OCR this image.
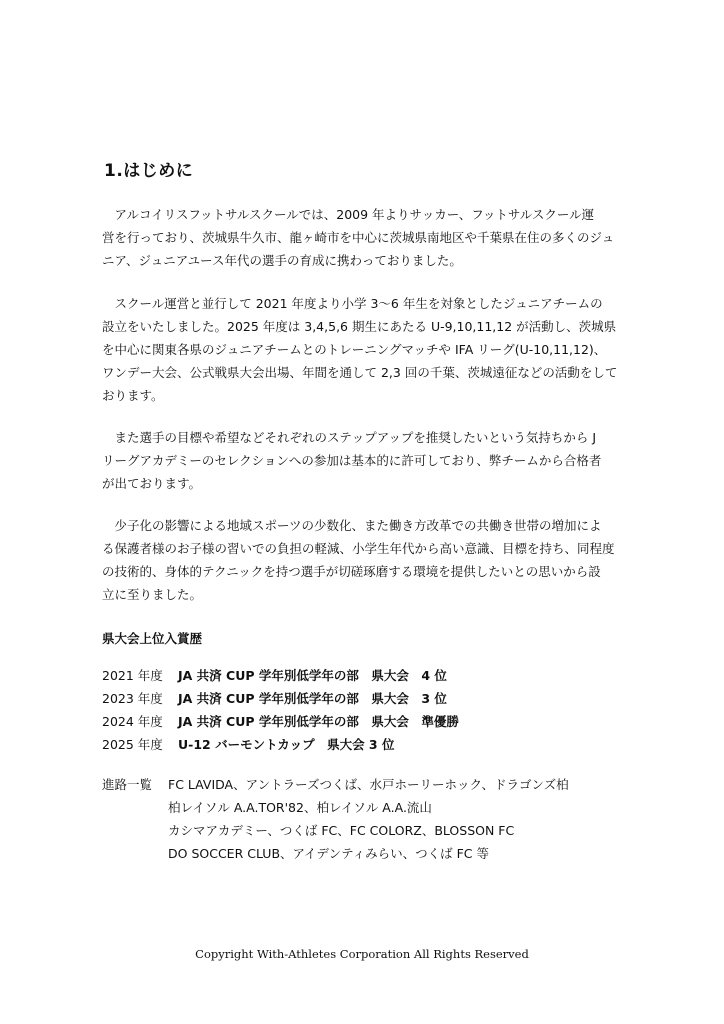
1.はじめに

　アルコイリスフットサルスクールでは、2009 年よりサッカー、フットサルスクール運

営を行っており、茨城県牛久市、龍ヶ崎市を中心に茨城県南地区や千葉県在住の多くのジュ

ニア、ジュニアユース年代の選手の育成に携わっておりました。

　スクール運営と並行して 2021 年度より小学 3〜6 年生を対象としたジュニアチームの

設立をいたしました。2025 年度は 3,4,5,6 期生にあたる U-9,10,11,12 が活動し、茨城県

を中心に関東各県のジュニアチームとのトレーニングマッチや IFA リーグ(U-10,11,12)、

ワンデー大会、公式戦県大会出場、年間を通して 2,3 回の千葉、茨城遠征などの活動をして

おります。

　また選手の目標や希望などそれぞれのステップアップを推奨したいという気持ちから J

リーグアカデミーのセレクションへの参加は基本的に許可しており、弊チームから合格者

が出ております。

　少子化の影響による地域スポーツの少数化、また働き方改革での共働き世帯の増加によ

る保護者様のお子様の習いでの負担の軽減、小学生年代から高い意識、目標を持ち、同程度

の技術的、身体的テクニックを持つ選手が切磋琢磨する環境を提供したいとの思いから設

立に至りました。

県大会上位入賞歴
2021 年度	JA 共済 CUP 学年別低学年の部　県大会　4 位
2023 年度	JA 共済 CUP 学年別低学年の部　県大会　3 位
2024 年度	JA 共済 CUP 学年別低学年の部　県大会　準優勝
2025 年度	U-12 バーモントカップ　県大会 3 位
進路一覧	FC LAVIDA、アントラーズつくば、水戸ホーリーホック、ドラゴンズ柏
柏レイソル A.A.TOR'82、柏レイソル A.A.流山
カシマアカデミー、つくば FC、FC COLORZ、BLOSSON FC
DO SOCCER CLUB、アイデンティみらい、つくば FC 等
Copyright With-Athletes Corporation All Rights Reserved
